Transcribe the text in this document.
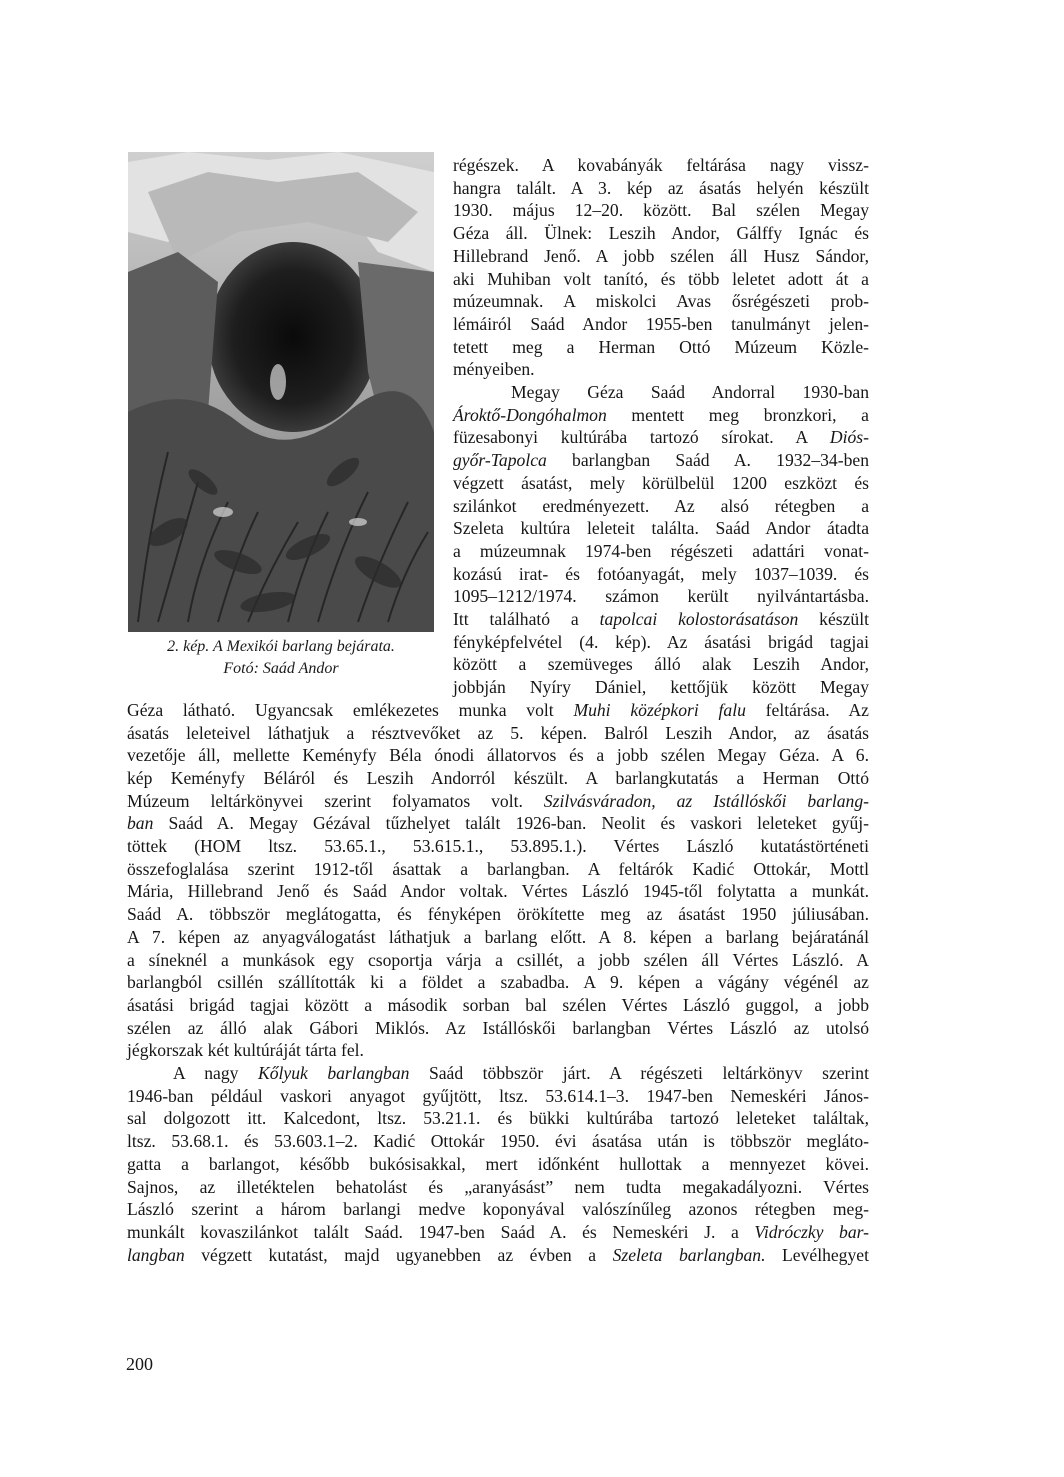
2. kép. A Mexikói barlang bejárata.
Fotó: Saád Andor
régészek. A kovabányák feltárása nagy vissz-
hangra talált. A 3. kép az ásatás helyén készült
1930. május 12–20. között. Bal szélen Megay
Géza áll. Ülnek: Leszih Andor, Gálffy Ignác és
Hillebrand Jenő. A jobb szélen áll Husz Sándor,
aki Muhiban volt tanító, és több leletet adott át a
múzeumnak. A miskolci Avas ősrégészeti prob-
lémáiról Saád Andor 1955-ben tanulmányt jelen-
tetett meg a Herman Ottó Múzeum Közle-
ményeiben.
Megay Géza Saád Andorral 1930-ban
Ároktő-Dongóhalmon mentett meg bronzkori, a
füzesabonyi kultúrába tartozó sírokat. A Diós-
győr-Tapolca barlangban Saád A. 1932–34-ben
végzett ásatást, mely körülbelül 1200 eszközt és
szilánkot eredményezett. Az alsó rétegben a
Szeleta kultúra leleteit találta. Saád Andor átadta
a múzeumnak 1974-ben régészeti adattári vonat-
kozású irat- és fotóanyagát, mely 1037–1039. és
1095–1212/1974. számon került nyilvántartásba.
Itt található a tapolcai kolostorásatáson készült
fényképfelvétel (4. kép). Az ásatási brigád tagjai
között a szemüveges álló alak Leszih Andor,
jobbján Nyíry Dániel, kettőjük között Megay
Géza látható. Ugyancsak emlékezetes munka volt Muhi középkori falu feltárása. Az
ásatás leleteivel láthatjuk a résztvevőket az 5. képen. Balról Leszih Andor, az ásatás
vezetője áll, mellette Keményfy Béla ónodi állatorvos és a jobb szélen Megay Géza. A 6.
kép Keményfy Béláról és Leszih Andorról készült. A barlangkutatás a Herman Ottó
Múzeum leltárkönyvei szerint folyamatos volt. Szilvásváradon, az Istállóskői barlang-
ban Saád A. Megay Gézával tűzhelyet talált 1926-ban. Neolit és vaskori leleteket gyűj-
töttek (HOM ltsz. 53.65.1., 53.615.1., 53.895.1.). Vértes László kutatástörténeti
összefoglalása szerint 1912-től ásattak a barlangban. A feltárók Kadić Ottokár, Mottl
Mária, Hillebrand Jenő és Saád Andor voltak. Vértes László 1945-től folytatta a munkát.
Saád A. többször meglátogatta, és fényképen örökítette meg az ásatást 1950 júliusában.
A 7. képen az anyagválogatást láthatjuk a barlang előtt. A 8. képen a barlang bejáratánál
a síneknél a munkások egy csoportja várja a csillét, a jobb szélen áll Vértes László. A
barlangból csillén szállították ki a földet a szabadba. A 9. képen a vágány végénél az
ásatási brigád tagjai között a második sorban bal szélen Vértes László guggol, a jobb
szélen az álló alak Gábori Miklós. Az Istállóskői barlangban Vértes László az utolsó
jégkorszak két kultúráját tárta fel.
A nagy Kőlyuk barlangban Saád többször járt. A régészeti leltárkönyv szerint
1946-ban például vaskori anyagot gyűjtött, ltsz. 53.614.1–3. 1947-ben Nemeskéri János-
sal dolgozott itt. Kalcedont, ltsz. 53.21.1. és bükki kultúrába tartozó leleteket találtak,
ltsz. 53.68.1. és 53.603.1–2. Kadić Ottokár 1950. évi ásatása után is többször megláto-
gatta a barlangot, később bukósisakkal, mert időnként hullottak a mennyezet kövei.
Sajnos, az illetéktelen behatolást és „aranyásást” nem tudta megakadályozni. Vértes
László szerint a három barlangi medve koponyával valószínűleg azonos rétegben meg-
munkált kovaszilánkot talált Saád. 1947-ben Saád A. és Nemeskéri J. a Vidróczky bar-
langban végzett kutatást, majd ugyanebben az évben a Szeleta barlangban. Levélhegyet
200
